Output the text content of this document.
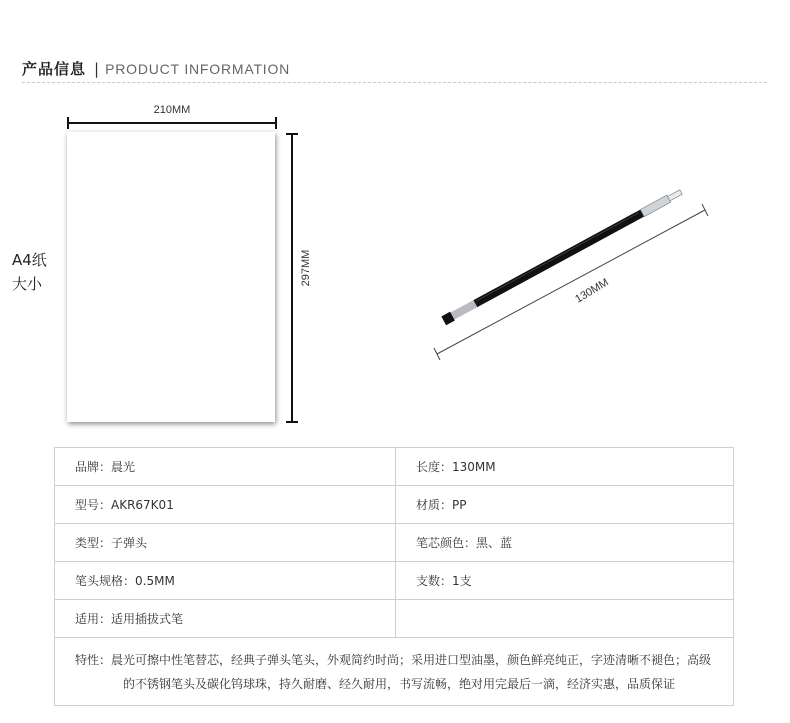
产品信息 | PRODUCT INFORMATION
210MM
297MM
A4纸
大小	130MM
品牌：晨光	长度：130MM
型号：AKR67K01	材质：PP
类型：子弹头	笔芯颜色：黑、蓝
笔头规格：0.5MM	支数：1支
适用：适用插拔式笔	

特性：晨光可擦中性笔替芯，经典子弹头笔头，外观简约时尚；采用进口型油墨，颜色鲜亮纯正，字迹清晰不褪色；高级的不锈钢笔头及碳化钨球珠，持久耐磨、经久耐用，书写流畅，绝对用完最后一滴，经济实惠，品质保证	
